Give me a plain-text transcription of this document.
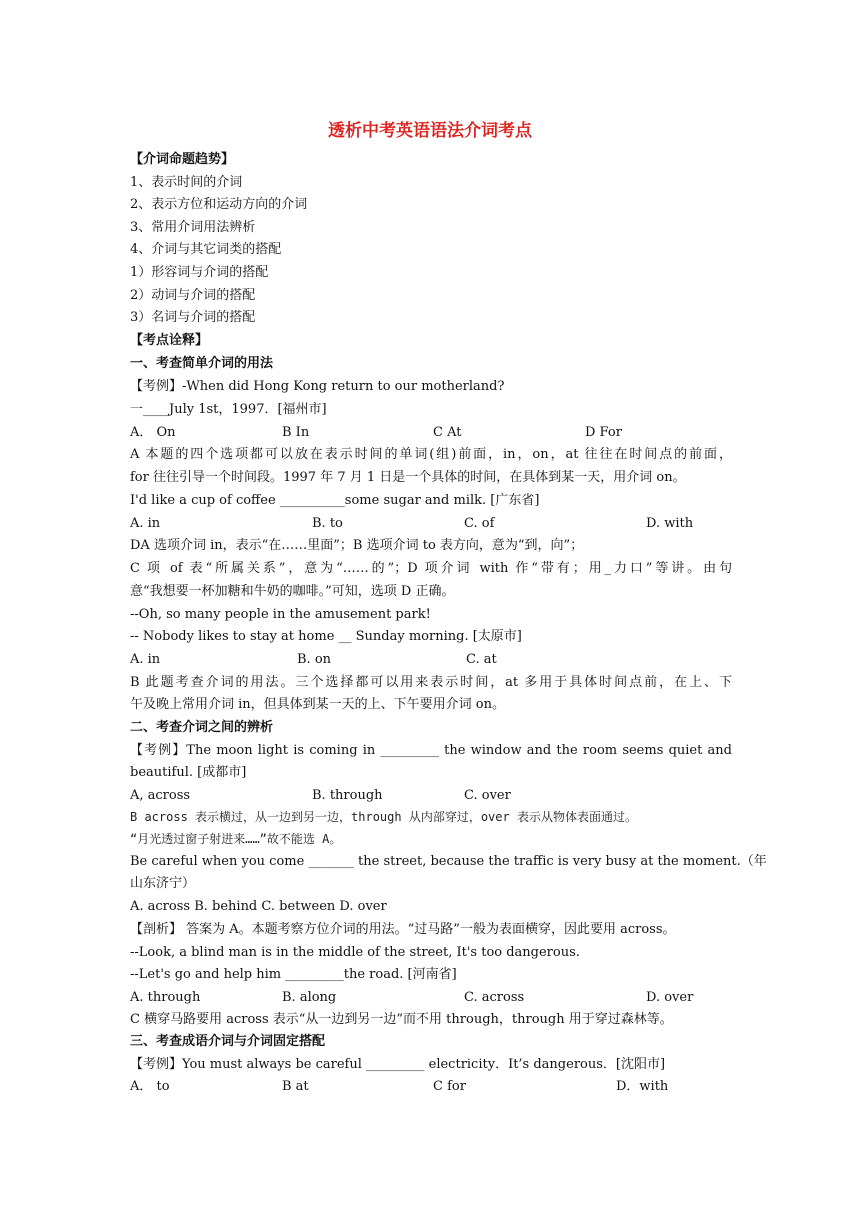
透析中考英语语法介词考点
【介词命题趋势】
1、表示时间的介词
2、表示方位和运动方向的介词
3、常用介词用法辨析
4、介词与其它词类的搭配
1）形容词与介词的搭配
2）动词与介词的搭配
3）名词与介词的搭配
【考点诠释】
一、考查简单介词的用法
【考例】-When did Hong Kong return to our motherland?
一____July 1st，1997．[福州市]
A． On	B In	C At	D For
A 本题的四个选项都可以放在表示时间的单词(组)前面，in，on，at 往往在时间点的前面，
for 往往引导一个时间段。1997 年 7 月 1 日是一个具体的时间，在具体到某一天，用介词 on。
I'd like a cup of coffee __________some sugar and milk. [广东省]
A. in	B. to	C. of	D. with
DA 选项介词 in，表示“在……里面”；B 选项介词 to 表方向，意为“到，向”；
C 项 of 表“所属关系”，意为“……的”；D 项介词 with 作“带有；用_力口”等讲。由句
意“我想要一杯加糖和牛奶的咖啡。”可知，选项 D 正确。
--Oh, so many people in the amusement park!
-- Nobody likes to stay at home __ Sunday morning. [太原市]
A. in	B. on	C. at
B 此题考查介词的用法。三个选择都可以用来表示时间，at 多用于具体时间点前，在上、下
午及晚上常用介词 in，但具体到某一天的上、下午要用介词 on。
二、考查介词之间的辨析
【考例】The moon light is coming in _________ the window and the room seems quiet and
beautiful. [成都市]
A, across	B. through	C. over
B across 表示横过，从一边到另一边，through 从内部穿过，over 表示从物体表面通过。
“月光透过窗子射进来……”故不能选 A。
Be careful when you come _______ the street, because the traffic is very busy at the moment.（年
山东济宁）
A. across B. behind C. between D. over
【剖析】 答案为 A。本题考察方位介词的用法。“过马路”一般为表面横穿，因此要用 across。
--Look, a blind man is in the middle of the street, It's too dangerous.
--Let's go and help him _________the road. [河南省]
A. through	B. along	C. across	D. over
C 横穿马路要用 across 表示“从一边到另一边”而不用 through，through 用于穿过森林等。
三、考查成语介词与介词固定搭配
【考例】You must always be careful _________ electricity．It’s dangerous．[沈阳市]
A． to	B at	C for	D．with
